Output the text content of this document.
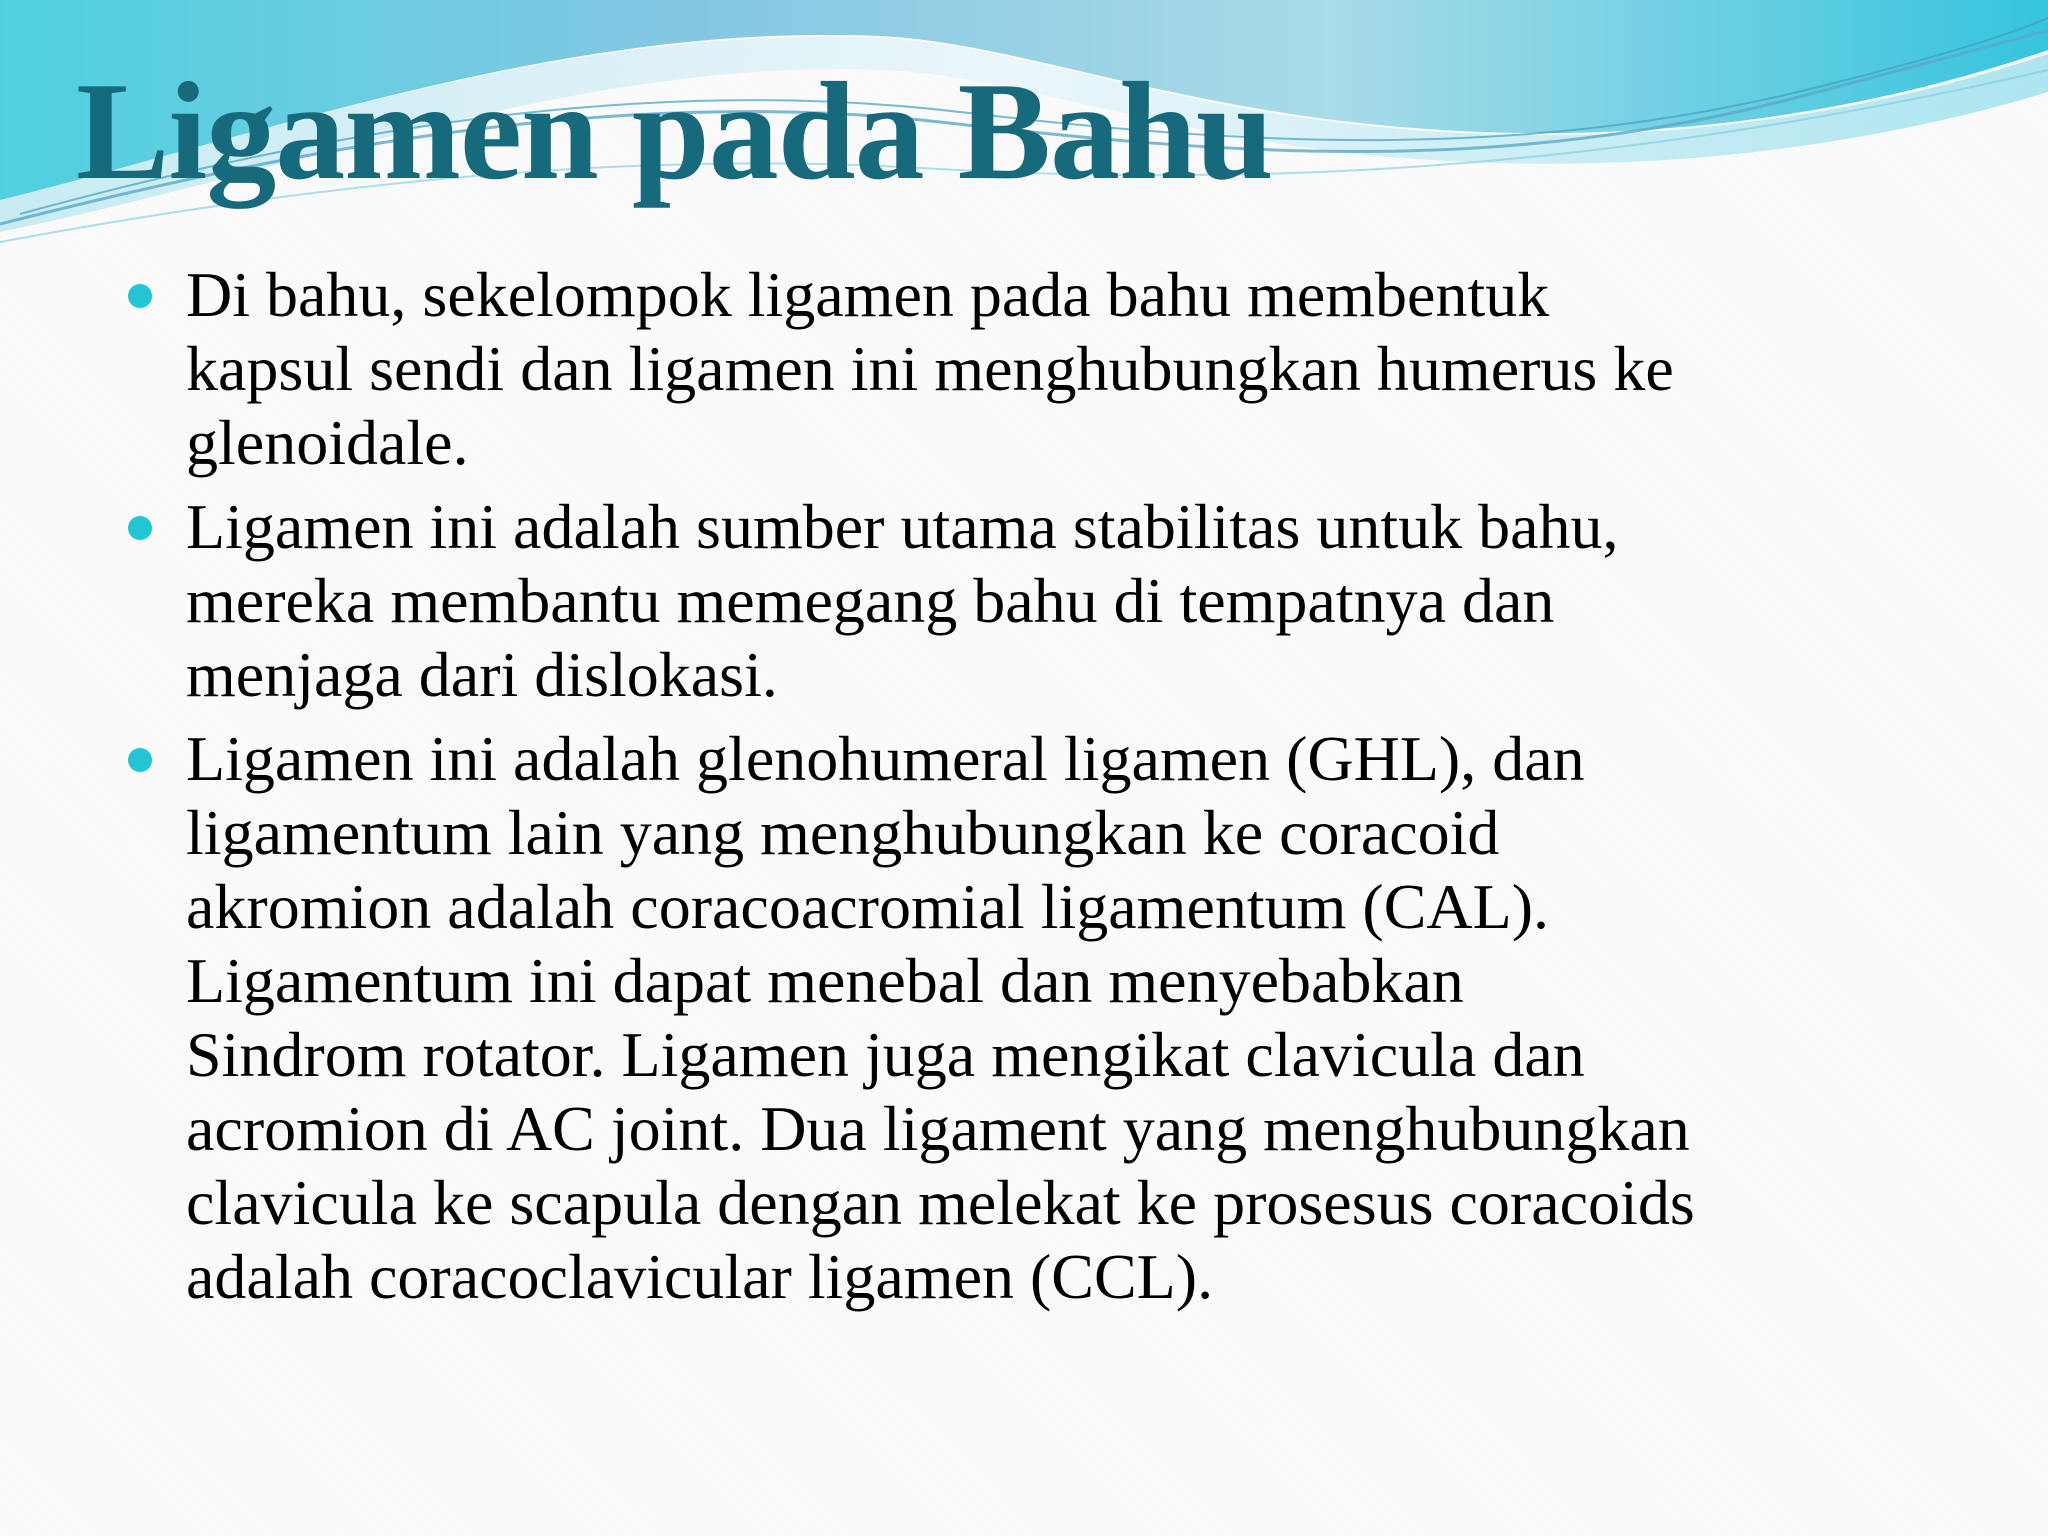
Ligamen pada Bahu
Di bahu, sekelompok ligamen pada bahu membentuk
kapsul sendi dan ligamen ini menghubungkan humerus ke
glenoidale.
Ligamen ini adalah sumber utama stabilitas untuk bahu,
mereka membantu memegang bahu di tempatnya dan
menjaga dari dislokasi.
Ligamen ini adalah glenohumeral ligamen (GHL), dan
ligamentum lain yang menghubungkan ke coracoid
akromion adalah coracoacromial ligamentum (CAL).
Ligamentum ini dapat menebal dan menyebabkan
Sindrom rotator. Ligamen juga mengikat clavicula dan
acromion di AC joint. Dua ligament yang menghubungkan
clavicula ke scapula dengan melekat ke prosesus coracoids
adalah coracoclavicular ligamen (CCL).
